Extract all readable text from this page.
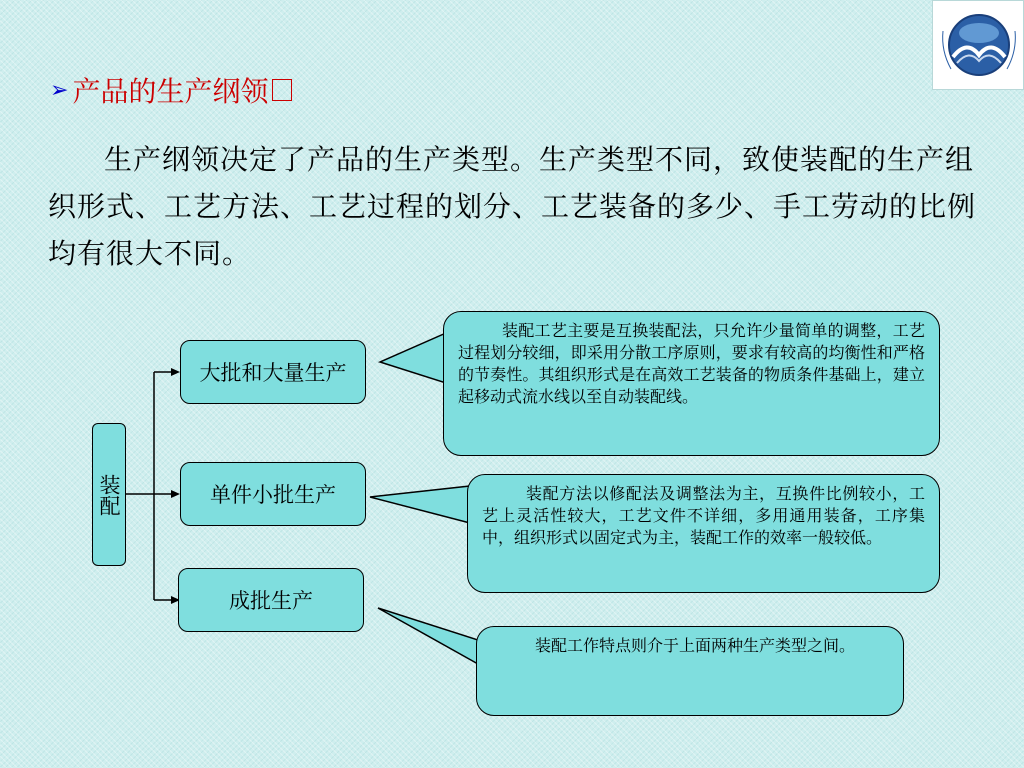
➢ 产品的生产纲领
生产纲领决定了产品的生产类型。生产类型不同，致使装配的生产组织形式、工艺方法、工艺过程的划分、工艺装备的多少、手工劳动的比例均有很大不同。
装配
大批和大量生产
单件小批生产
成批生产
装配工艺主要是互换装配法，只允许少量简单的调整，工艺过程划分较细，即采用分散工序原则，要求有较高的均衡性和严格的节奏性。其组织形式是在高效工艺装备的物质条件基础上，建立起移动式流水线以至自动装配线。
装配方法以修配法及调整法为主，互换件比例较小，工艺上灵活性较大，工艺文件不详细，多用通用装备，工序集中，组织形式以固定式为主，装配工作的效率一般较低。
装配工作特点则介于上面两种生产类型之间。
